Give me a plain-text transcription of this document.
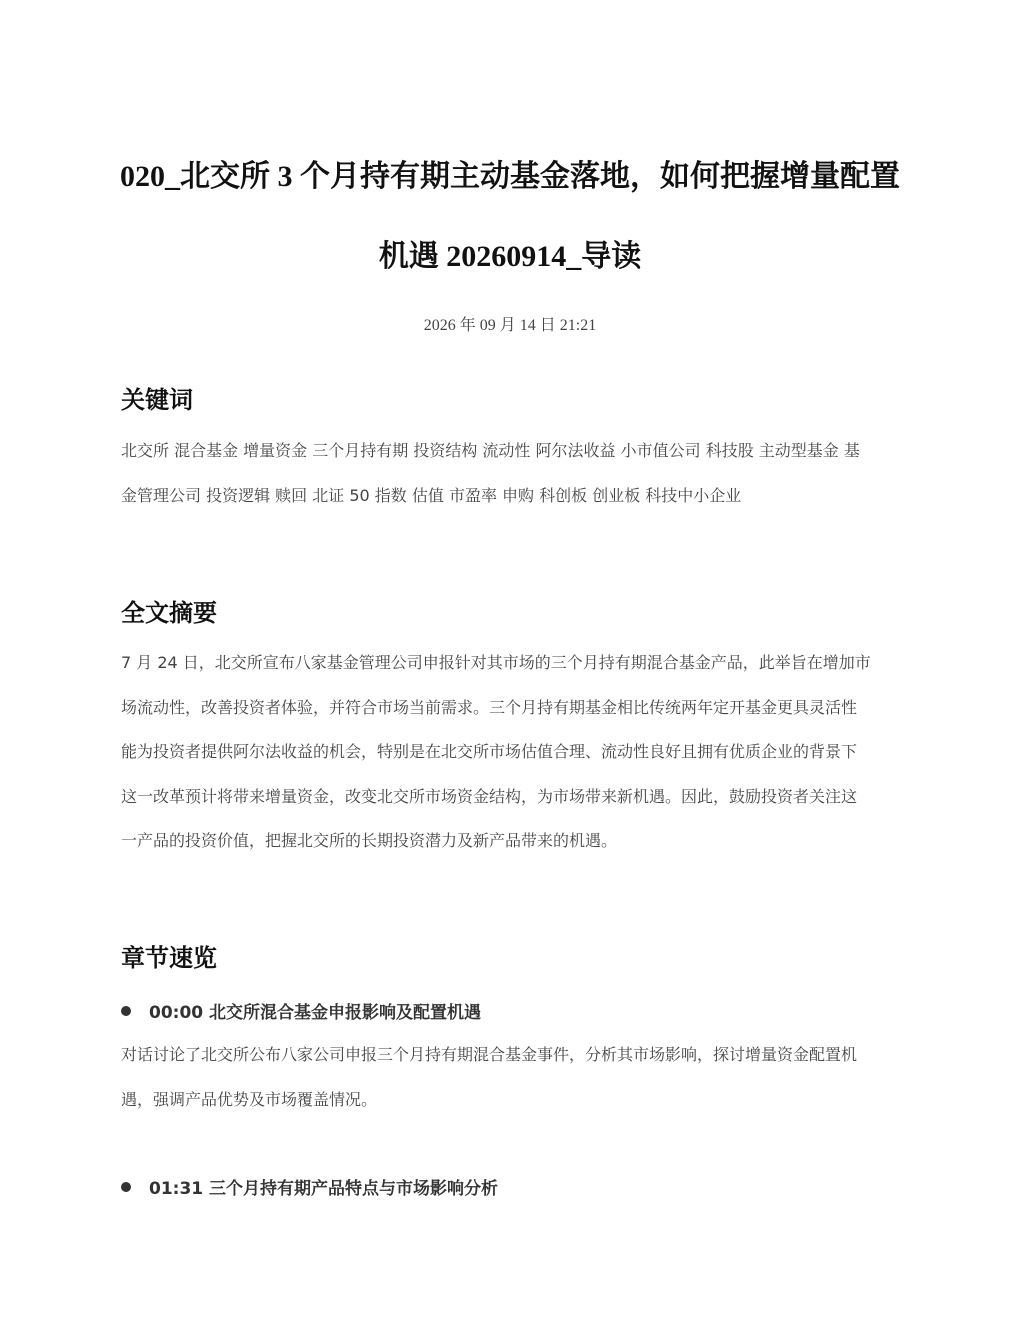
020_北交所 3 个月持有期主动基金落地，如何把握增量配置
机遇 20260914_导读
2026 年 09 月 14 日 21:21
关键词
北交所 混合基金 增量资金 三个月持有期 投资结构 流动性 阿尔法收益 小市值公司 科技股 主动型基金 基
金管理公司 投资逻辑 赎回 北证 50 指数 估值 市盈率 申购 科创板 创业板 科技中小企业
全文摘要
7 月 24 日，北交所宣布八家基金管理公司申报针对其市场的三个月持有期混合基金产品，此举旨在增加市
场流动性，改善投资者体验，并符合市场当前需求。三个月持有期基金相比传统两年定开基金更具灵活性
能为投资者提供阿尔法收益的机会，特别是在北交所市场估值合理、流动性良好且拥有优质企业的背景下
这一改革预计将带来增量资金，改变北交所市场资金结构，为市场带来新机遇。因此，鼓励投资者关注这
一产品的投资价值，把握北交所的长期投资潜力及新产品带来的机遇。
章节速览
00:00 北交所混合基金申报影响及配置机遇
对话讨论了北交所公布八家公司申报三个月持有期混合基金事件，分析其市场影响，探讨增量资金配置机
遇，强调产品优势及市场覆盖情况。
01:31 三个月持有期产品特点与市场影响分析
